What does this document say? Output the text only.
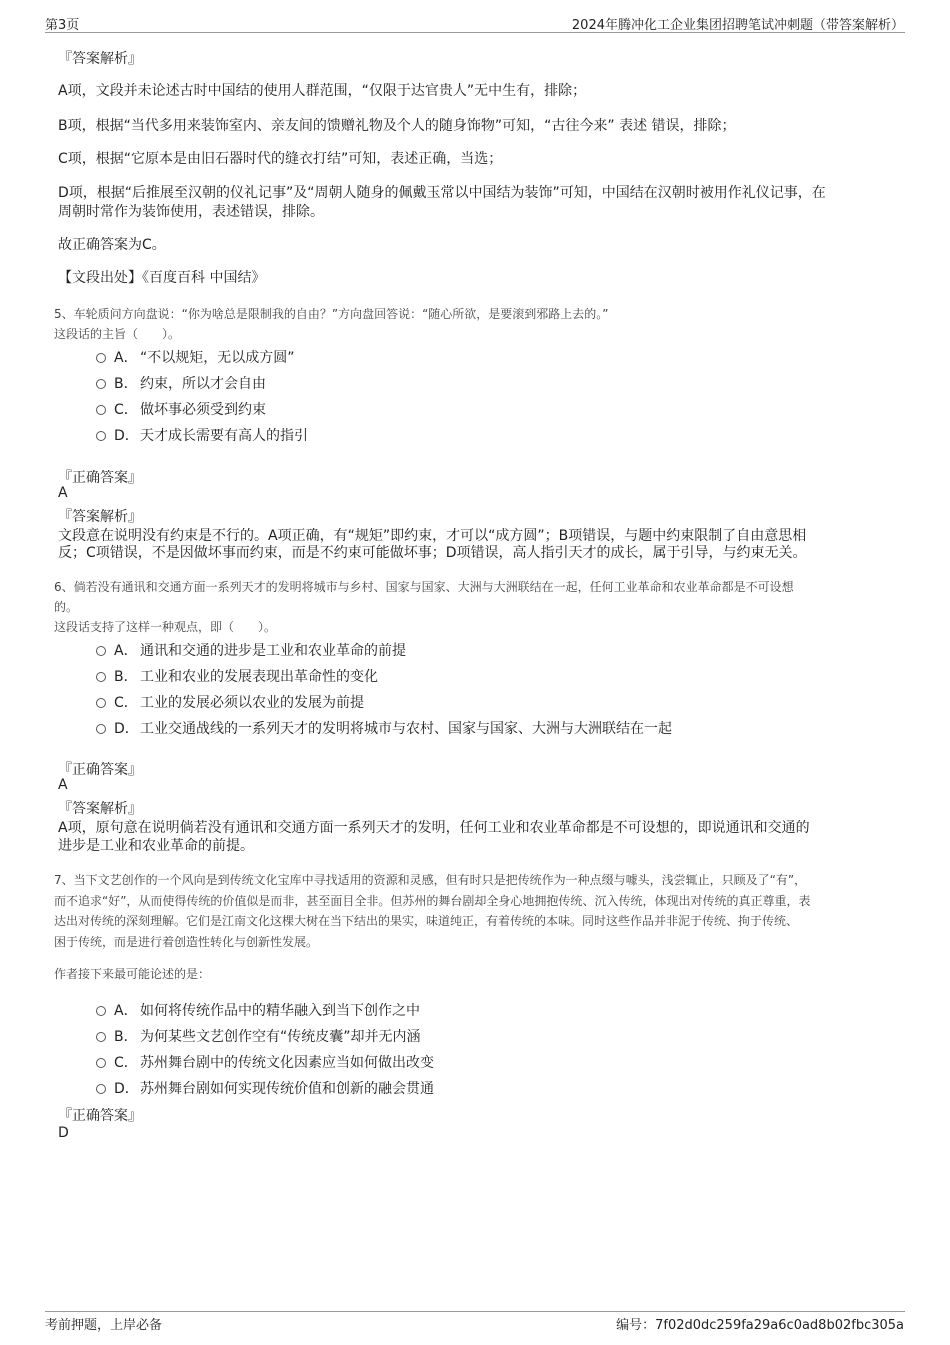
第3页	2024年腾冲化工企业集团招聘笔试冲刺题（带答案解析）
『答案解析』
A项，文段并未论述古时中国结的使用人群范围，“仅限于达官贵人”无中生有，排除；
B项，根据“当代多用来装饰室内、亲友间的馈赠礼物及个人的随身饰物”可知，“古往今来” 表述 错误，排除；
C项，根据“它原本是由旧石器时代的缝衣打结”可知，表述正确，当选；
D项，根据“后推展至汉朝的仪礼记事”及“周朝人随身的佩戴玉常以中国结为装饰”可知，中国结在汉朝时被用作礼仪记事，在
周朝时常作为装饰使用，表述错误，排除。
故正确答案为C。
【文段出处】《百度百科 中国结》
5、车轮质问方向盘说：“你为啥总是限制我的自由？”方向盘回答说：“随心所欲，是要滚到邪路上去的。”
这段话的主旨（　　）。
A． “不以规矩，无以成方圆”
B． 约束，所以才会自由
C． 做坏事必须受到约束
D．天才成长需要有高人的指引
『正确答案』
A
『答案解析』
文段意在说明没有约束是不行的。A项正确，有“规矩”即约束，才可以“成方圆”；B项错误，与题中约束限制了自由意思相
反；C项错误，不是因做坏事而约束，而是不约束可能做坏事；D项错误，高人指引天才的成长，属于引导，与约束无关。
6、倘若没有通讯和交通方面一系列天才的发明将城市与乡村、国家与国家、大洲与大洲联结在一起，任何工业革命和农业革命都是不可设想
的。
这段话支持了这样一种观点，即（　　）。
A． 通讯和交通的进步是工业和农业革命的前提
B． 工业和农业的发展表现出革命性的变化
C． 工业的发展必须以农业的发展为前提
D．工业交通战线的一系列天才的发明将城市与农村、国家与国家、大洲与大洲联结在一起
『正确答案』
A
『答案解析』
A项，原句意在说明倘若没有通讯和交通方面一系列天才的发明，任何工业和农业革命都是不可设想的，即说通讯和交通的
进步是工业和农业革命的前提。
7、当下文艺创作的一个风向是到传统文化宝库中寻找适用的资源和灵感，但有时只是把传统作为一种点缀与噱头，浅尝辄止，只顾及了“有”，
而不追求“好”，从而使得传统的价值似是而非，甚至面目全非。但苏州的舞台剧却全身心地拥抱传统、沉入传统，体现出对传统的真正尊重，表
达出对传统的深刻理解。它们是江南文化这棵大树在当下结出的果实，味道纯正，有着传统的本味。同时这些作品并非泥于传统、拘于传统、
困于传统，而是进行着创造性转化与创新性发展。
作者接下来最可能论述的是：
A． 如何将传统作品中的精华融入到当下创作之中
B． 为何某些文艺创作空有“传统皮囊”却并无内涵
C． 苏州舞台剧中的传统文化因素应当如何做出改变
D．苏州舞台剧如何实现传统价值和创新的融会贯通
『正确答案』
D
考前押题，上岸必备	编号：7f02d0dc259fa29a6c0ad8b02fbc305a
